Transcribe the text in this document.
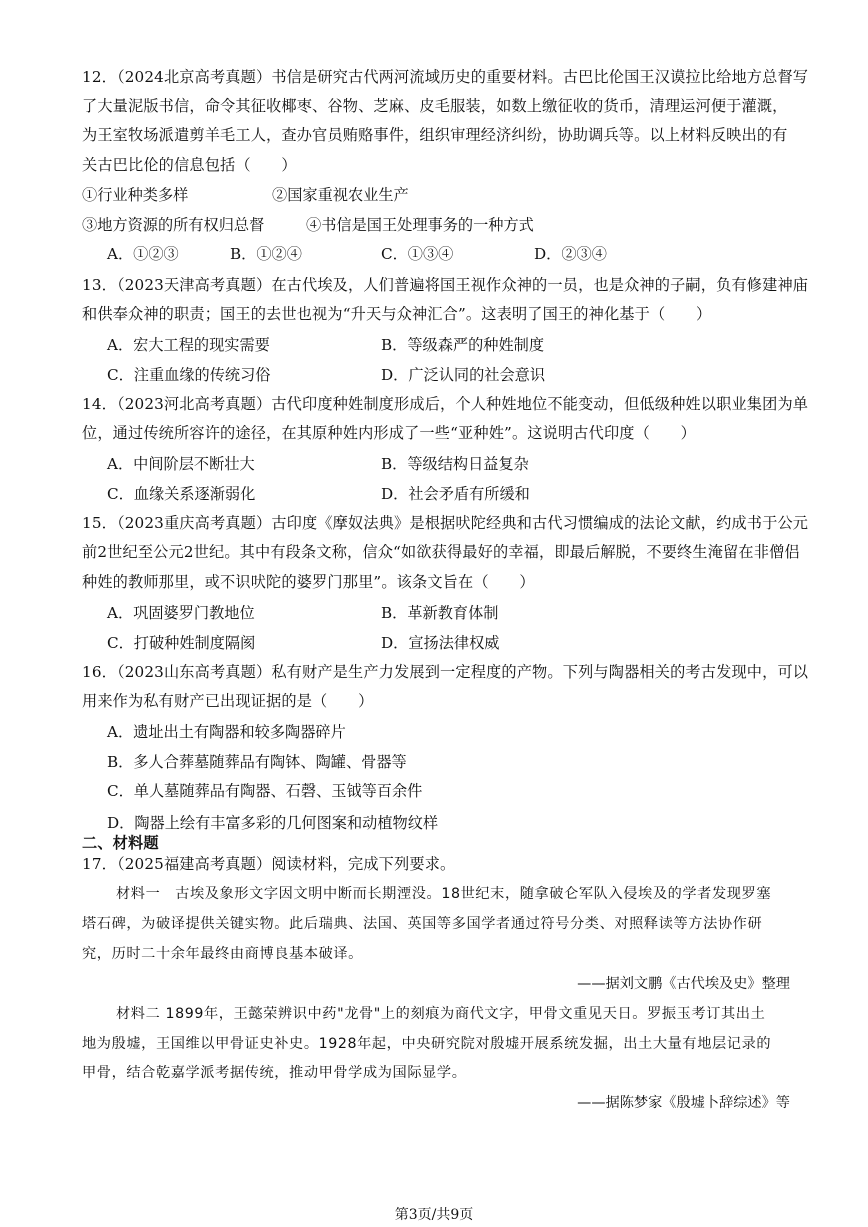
12．（2024北京高考真题）书信是研究古代两河流域历史的重要材料。古巴比伦国王汉谟拉比给地方总督写
了大量泥版书信，命令其征收椰枣、谷物、芝麻、皮毛服装，如数上缴征收的货币，清理运河便于灌溉，
为王室牧场派遣剪羊毛工人，查办官员贿赂事件，组织审理经济纠纷，协助调兵等。以上材料反映出的有
关古巴比伦的信息包括（　　）
①行业种类多样	②国家重视农业生产
③地方资源的所有权归总督	④书信是国王处理事务的一种方式
A．①②③	B．①②④	C．①③④	D．②③④
13．（2023天津高考真题）在古代埃及，人们普遍将国王视作众神的一员，也是众神的子嗣，负有修建神庙
和供奉众神的职责；国王的去世也视为“升天与众神汇合”。这表明了国王的神化基于（　　）
A．宏大工程的现实需要	B．等级森严的种姓制度
C．注重血缘的传统习俗	D．广泛认同的社会意识
14．（2023河北高考真题）古代印度种姓制度形成后，个人种姓地位不能变动，但低级种姓以职业集团为单
位，通过传统所容许的途径，在其原种姓内形成了一些“亚种姓”。这说明古代印度（　　）
A．中间阶层不断壮大	B．等级结构日益复杂
C．血缘关系逐渐弱化	D．社会矛盾有所缓和
15．（2023重庆高考真题）古印度《摩奴法典》是根据吠陀经典和古代习惯编成的法论文献，约成书于公元
前2世纪至公元2世纪。其中有段条文称，信众“如欲获得最好的幸福，即最后解脱，不要终生淹留在非僧侣
种姓的教师那里，或不识吠陀的婆罗门那里”。该条文旨在（　　）
A．巩固婆罗门教地位	B．革新教育体制
C．打破种姓制度隔阂	D．宣扬法律权威
16．（2023山东高考真题）私有财产是生产力发展到一定程度的产物。下列与陶器相关的考古发现中，可以
用来作为私有财产已出现证据的是（　　）
A．遗址出土有陶器和较多陶器碎片
B．多人合葬墓随葬品有陶钵、陶罐、骨器等
C．单人墓随葬品有陶器、石磬、玉钺等百余件
D．陶器上绘有丰富多彩的几何图案和动植物纹样
二、材料题
17．（2025福建高考真题）阅读材料，完成下列要求。
材料一　古埃及象形文字因文明中断而长期湮没。18世纪末，随拿破仑军队入侵埃及的学者发现罗塞
塔石碑，为破译提供关键实物。此后瑞典、法国、英国等多国学者通过符号分类、对照释读等方法协作研
究，历时二十余年最终由商博良基本破译。
——据刘文鹏《古代埃及史》整理
材料二 1899年，王懿荣辨识中药"龙骨"上的刻痕为商代文字，甲骨文重见天日。罗振玉考订其出土
地为殷墟，王国维以甲骨证史补史。1928年起，中央研究院对殷墟开展系统发掘，出土大量有地层记录的
甲骨，结合乾嘉学派考据传统，推动甲骨学成为国际显学。
——据陈梦家《殷墟卜辞综述》等
第3页/共9页
